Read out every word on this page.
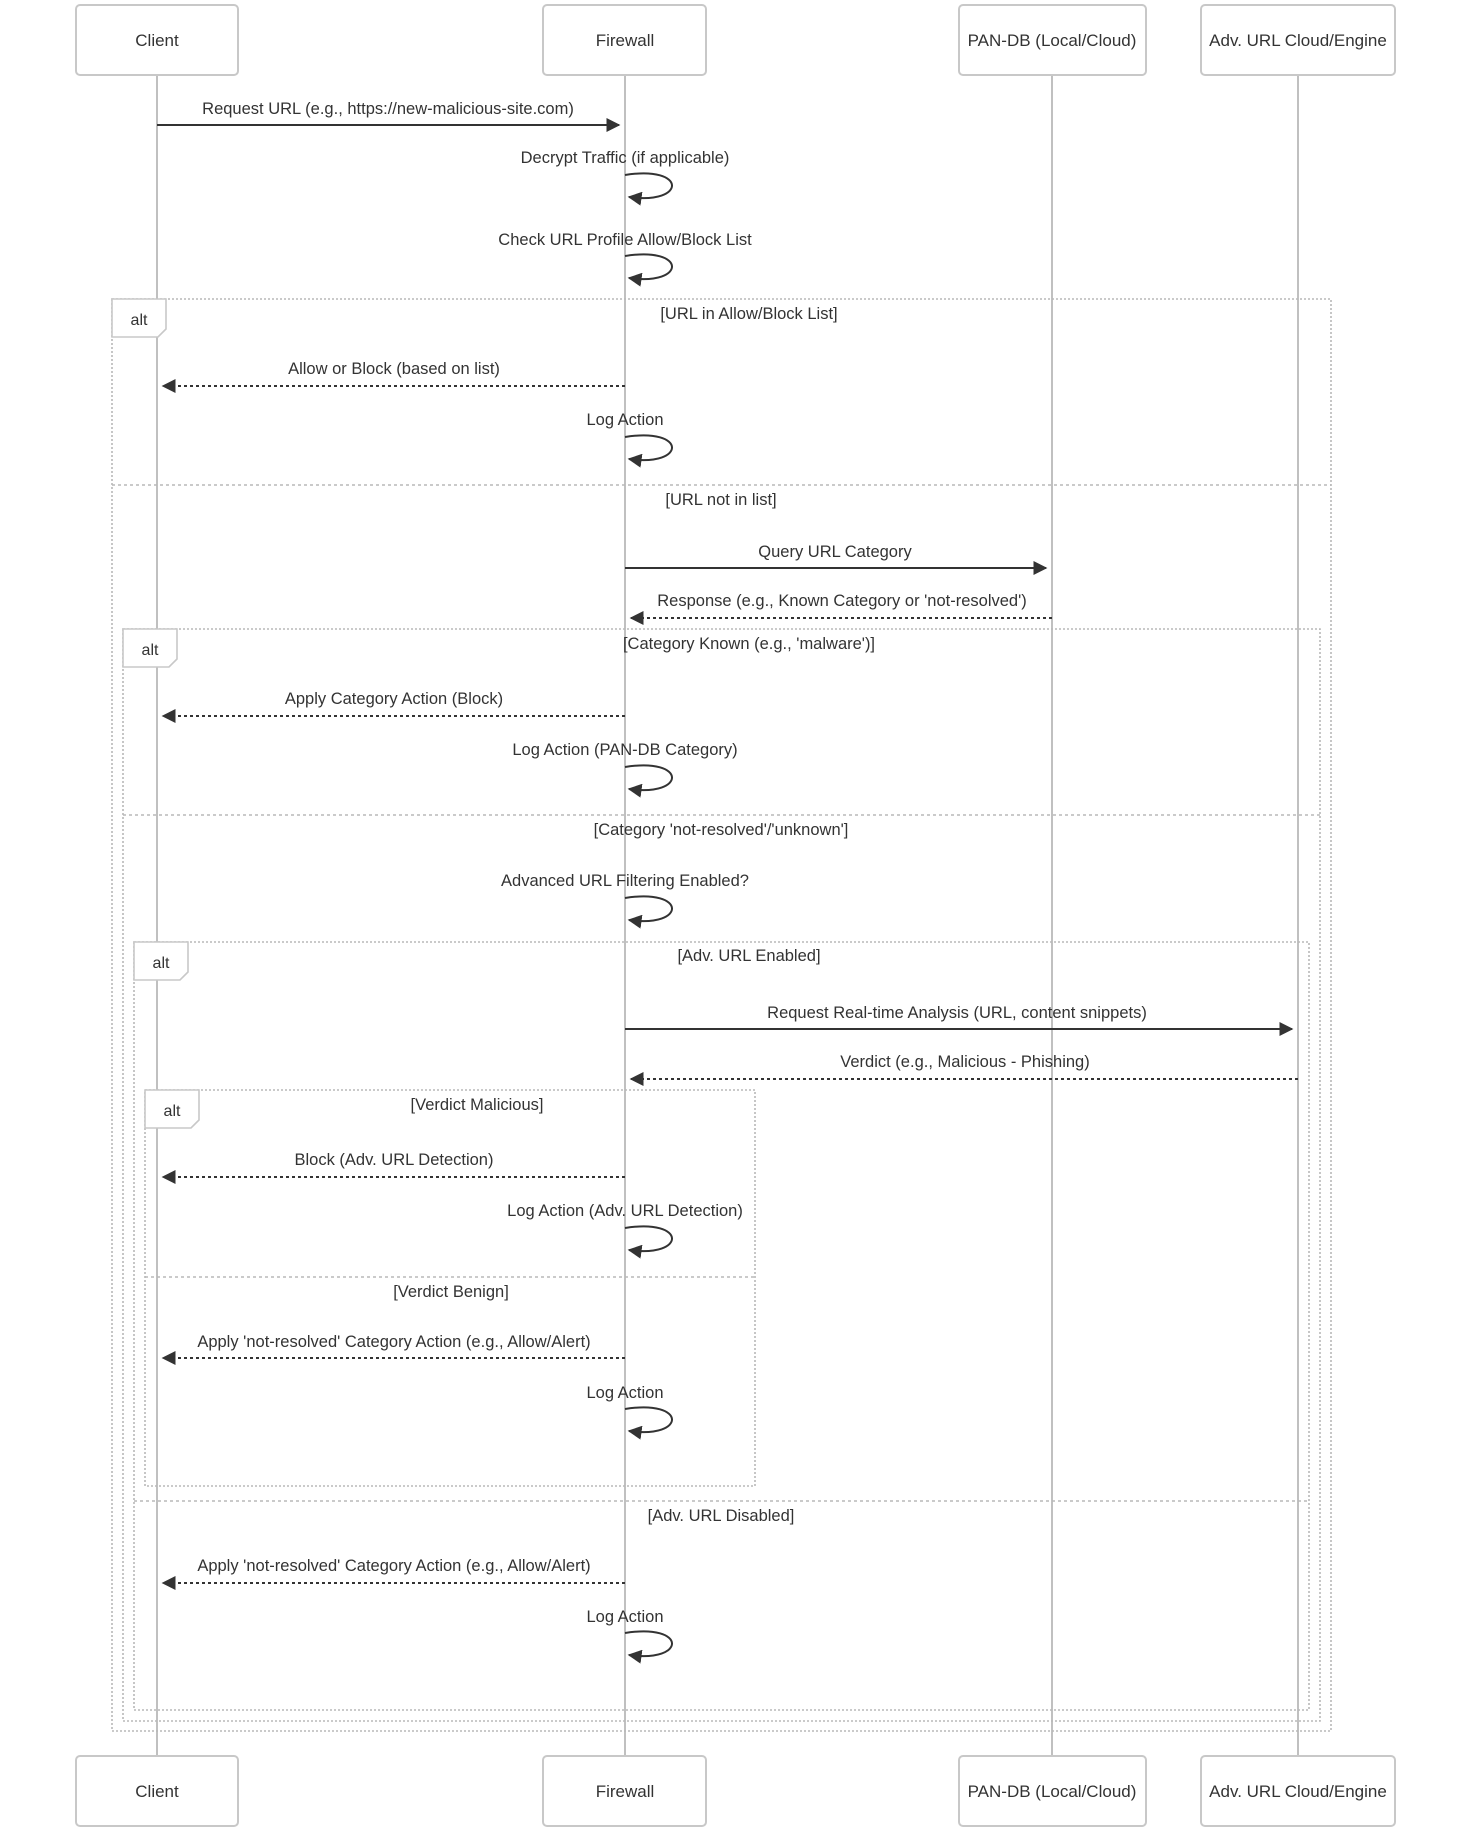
Client	Firewall	PAN-DB (Local/Cloud)	Adv. URL Cloud/Engine
alt	[URL in Allow/Block List]
[URL not in list]
alt	[Category Known (e.g., 'malware')]
[Category 'not-resolved'/'unknown']
alt	[Adv. URL Enabled]
[Adv. URL Disabled]
alt	[Verdict Malicious]
[Verdict Benign]
Request URL (e.g., https://new-malicious-site.com)
Decrypt Traffic (if applicable)
Check URL Profile Allow/Block List
Allow or Block (based on list)
Log Action
Query URL Category
Response (e.g., Known Category or 'not-resolved')
Apply Category Action (Block)
Log Action (PAN-DB Category)
Advanced URL Filtering Enabled?
Request Real-time Analysis (URL, content snippets)
Verdict (e.g., Malicious - Phishing)
Block (Adv. URL Detection)
Log Action (Adv. URL Detection)
Apply 'not-resolved' Category Action (e.g., Allow/Alert)
Log Action
Apply 'not-resolved' Category Action (e.g., Allow/Alert)
Log Action
Client	Firewall	PAN-DB (Local/Cloud)	Adv. URL Cloud/Engine
